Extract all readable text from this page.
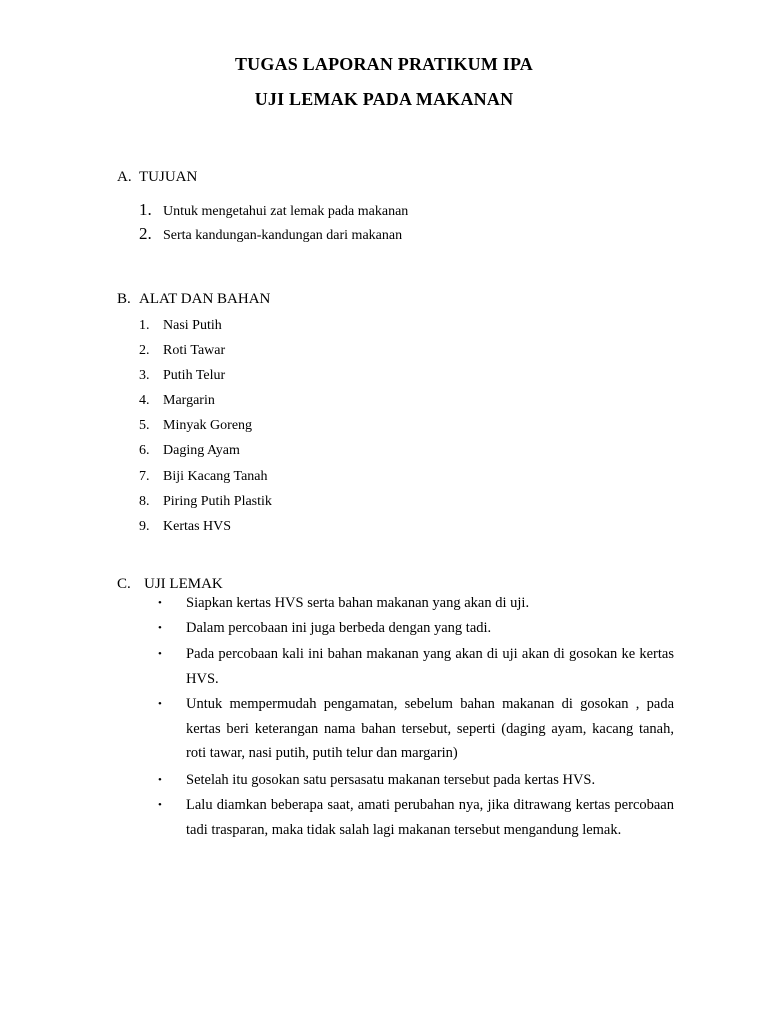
TUGAS LAPORAN PRATIKUM IPA
UJI LEMAK PADA MAKANAN
A. TUJUAN
1. Untuk mengetahui zat lemak pada makanan
2. Serta kandungan-kandungan dari makanan
B. ALAT DAN BAHAN
1. Nasi Putih
2. Roti Tawar
3. Putih Telur
4. Margarin
5. Minyak Goreng
6. Daging Ayam
7. Biji Kacang Tanah
8. Piring Putih Plastik
9. Kertas HVS
C. UJI LEMAK
• Siapkan kertas HVS serta bahan makanan yang akan di uji.
• Dalam percobaan ini juga berbeda dengan yang tadi.
• Pada percobaan kali ini bahan makanan yang akan di uji akan di gosokan ke kertas HVS.
• Untuk mempermudah pengamatan, sebelum bahan makanan di gosokan , pada kertas beri keterangan nama bahan tersebut, seperti (daging ayam, kacang tanah, roti tawar, nasi putih, putih telur dan margarin)
• Setelah itu gosokan satu persasatu makanan tersebut pada kertas HVS.
• Lalu diamkan beberapa saat, amati perubahan nya, jika ditrawang kertas percobaan tadi trasparan, maka tidak salah lagi makanan tersebut mengandung lemak.
